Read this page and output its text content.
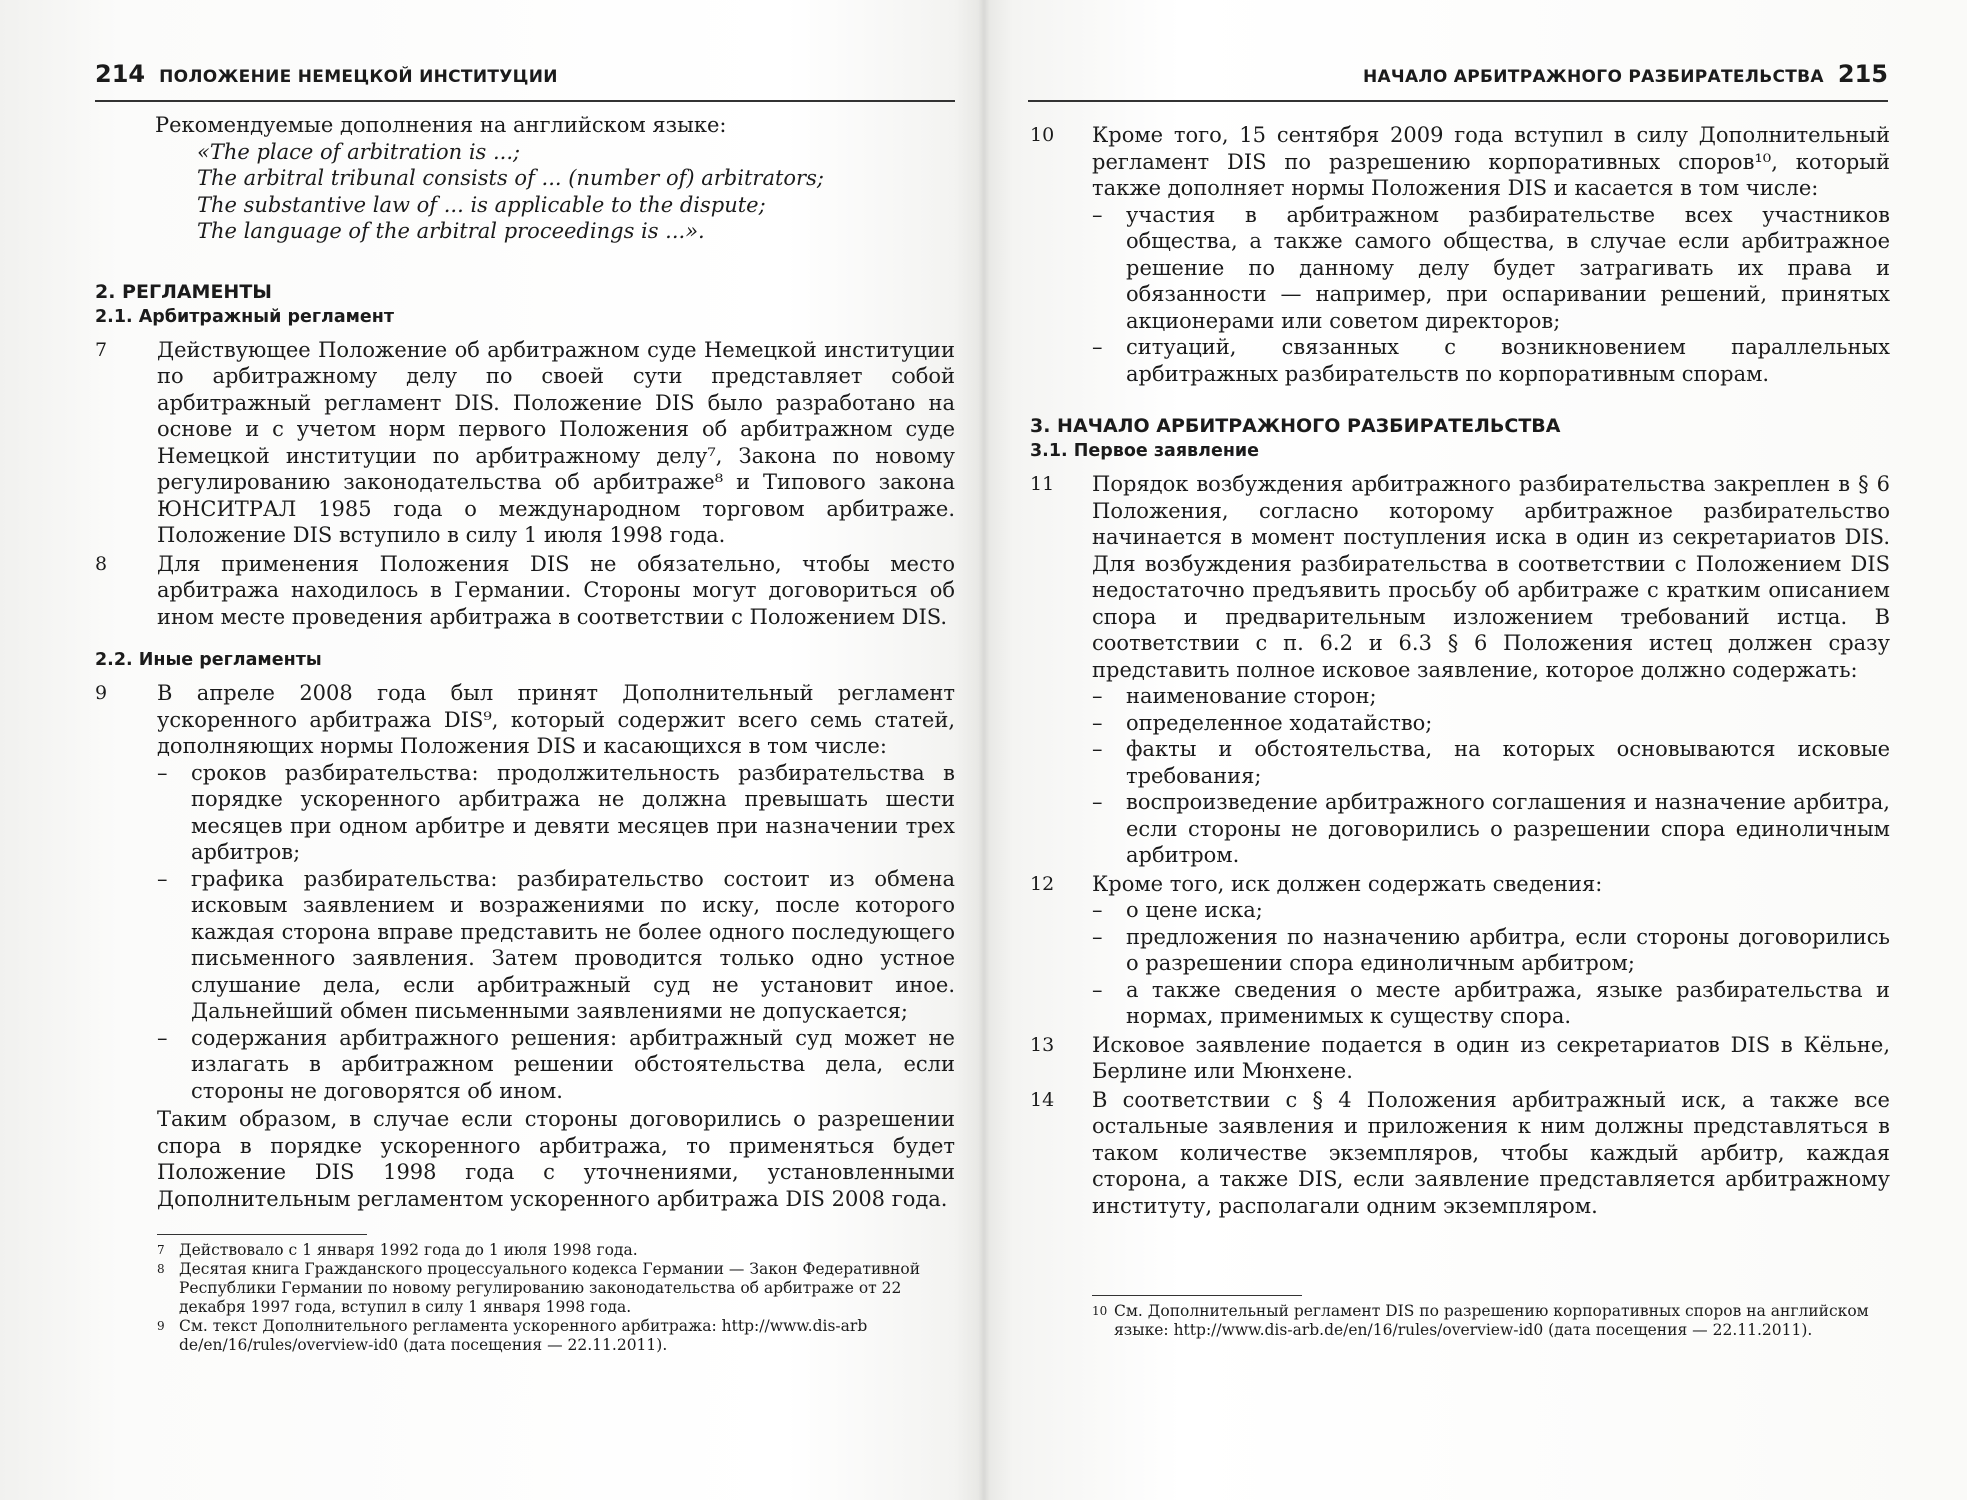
214 ПОЛОЖЕНИЕ НЕМЕЦКОЙ ИНСТИТУЦИИ
Рекомендуемые дополнения на английском языке:
«The place of arbitration is ...;
The arbitral tribunal consists of ... (number of) arbitrators;
The substantive law of ... is applicable to the dispute;
The language of the arbitral proceedings is ...».
2. РЕГЛАМЕНТЫ
2.1. Арбитражный регламент
7	Действующее Положение об арбитражном суде Немецкой институции по арбитражному делу по своей сути представляет собой арбитражный регламент DIS. Положение DIS было разработано на основе и с учетом норм первого Положения об арбитражном суде Немецкой институции по арбитражному делу⁷, Закона по новому регулированию законодательства об арбитраже⁸ и Типового закона ЮНСИТРАЛ 1985 года о международном торговом арбитраже. Положение DIS вступило в силу 1 июля 1998 года.
8	Для применения Положения DIS не обязательно, чтобы место арбитража находилось в Германии. Стороны могут договориться об ином месте проведения арбитража в соответствии с Положением DIS.
2.2. Иные регламенты
9	В апреле 2008 года был принят Дополнительный регламент ускоренного арбитража DIS⁹, который содержит всего семь статей, дополняющих нормы Положения DIS и касающихся в том числе:
–	сроков разбирательства: продолжительность разбирательства в порядке ускоренного арбитража не должна превышать шести месяцев при одном арбитре и девяти месяцев при назначении трех арбитров;
–	графика разбирательства: разбирательство состоит из обмена исковым заявлением и возражениями по иску, после которого каждая сторона вправе представить не более одного последующего письменного заявления. Затем проводится только одно устное слушание дела, если арбитражный суд не установит иное. Дальнейший обмен письменными заявлениями не допускается;
–	содержания арбитражного решения: арбитражный суд может не излагать в арбитражном решении обстоятельства дела, если стороны не договорятся об ином.
Таким образом, в случае если стороны договорились о разрешении спора в порядке ускоренного арбитража, то применяться будет Положение DIS 1998 года с уточнениями, установленными Дополнительным регламентом ускоренного арбитража DIS 2008 года.
7 Действовало с 1 января 1992 года до 1 июля 1998 года.
8 Десятая книга Гражданского процессуального кодекса Германии — Закон Федеративной Республики Германии по новому регулированию законодательства об арбитраже от 22 декабря 1997 года, вступил в силу 1 января 1998 года.
9 См. текст Дополнительного регламента ускоренного арбитража: http://www.dis-arb de/en/16/rules/overview-id0 (дата посещения — 22.11.2011).
НАЧАЛО АРБИТРАЖНОГО РАЗБИРАТЕЛЬСТВА 215
10	Кроме того, 15 сентября 2009 года вступил в силу Дополнительный регламент DIS по разрешению корпоративных споров¹⁰, который также дополняет нормы Положения DIS и касается в том числе:
–	участия в арбитражном разбирательстве всех участников общества, а также самого общества, в случае если арбитражное решение по данному делу будет затрагивать их права и обязанности — например, при оспаривании решений, принятых акционерами или советом директоров;
–	ситуаций, связанных с возникновением параллельных арбитражных разбирательств по корпоративным спорам.
3. НАЧАЛО АРБИТРАЖНОГО РАЗБИРАТЕЛЬСТВА
3.1. Первое заявление
11	Порядок возбуждения арбитражного разбирательства закреплен в § 6 Положения, согласно которому арбитражное разбирательство начинается в момент поступления иска в один из секретариатов DIS. Для возбуждения разбирательства в соответствии с Положением DIS недостаточно предъявить просьбу об арбитраже с кратким описанием спора и предварительным изложением требований истца. В соответствии с п. 6.2 и 6.3 § 6 Положения истец должен сразу представить полное исковое заявление, которое должно содержать:
–	наименование сторон;
–	определенное ходатайство;
–	факты и обстоятельства, на которых основываются исковые требования;
–	воспроизведение арбитражного соглашения и назначение арбитра, если стороны не договорились о разрешении спора единоличным арбитром.
12	Кроме того, иск должен содержать сведения:
–	о цене иска;
–	предложения по назначению арбитра, если стороны договорились о разрешении спора единоличным арбитром;
–	а также сведения о месте арбитража, языке разбирательства и нормах, применимых к существу спора.
13	Исковое заявление подается в один из секретариатов DIS в Кёльне, Берлине или Мюнхене.
14	В соответствии с § 4 Положения арбитражный иск, а также все остальные заявления и приложения к ним должны представляться в таком количестве экземпляров, чтобы каждый арбитр, каждая сторона, а также DIS, если заявление представляется арбитражному институту, располагали одним экземпляром.
10 См. Дополнительный регламент DIS по разрешению корпоративных споров на английском языке: http://www.dis-arb.de/en/16/rules/overview-id0 (дата посещения — 22.11.2011).
